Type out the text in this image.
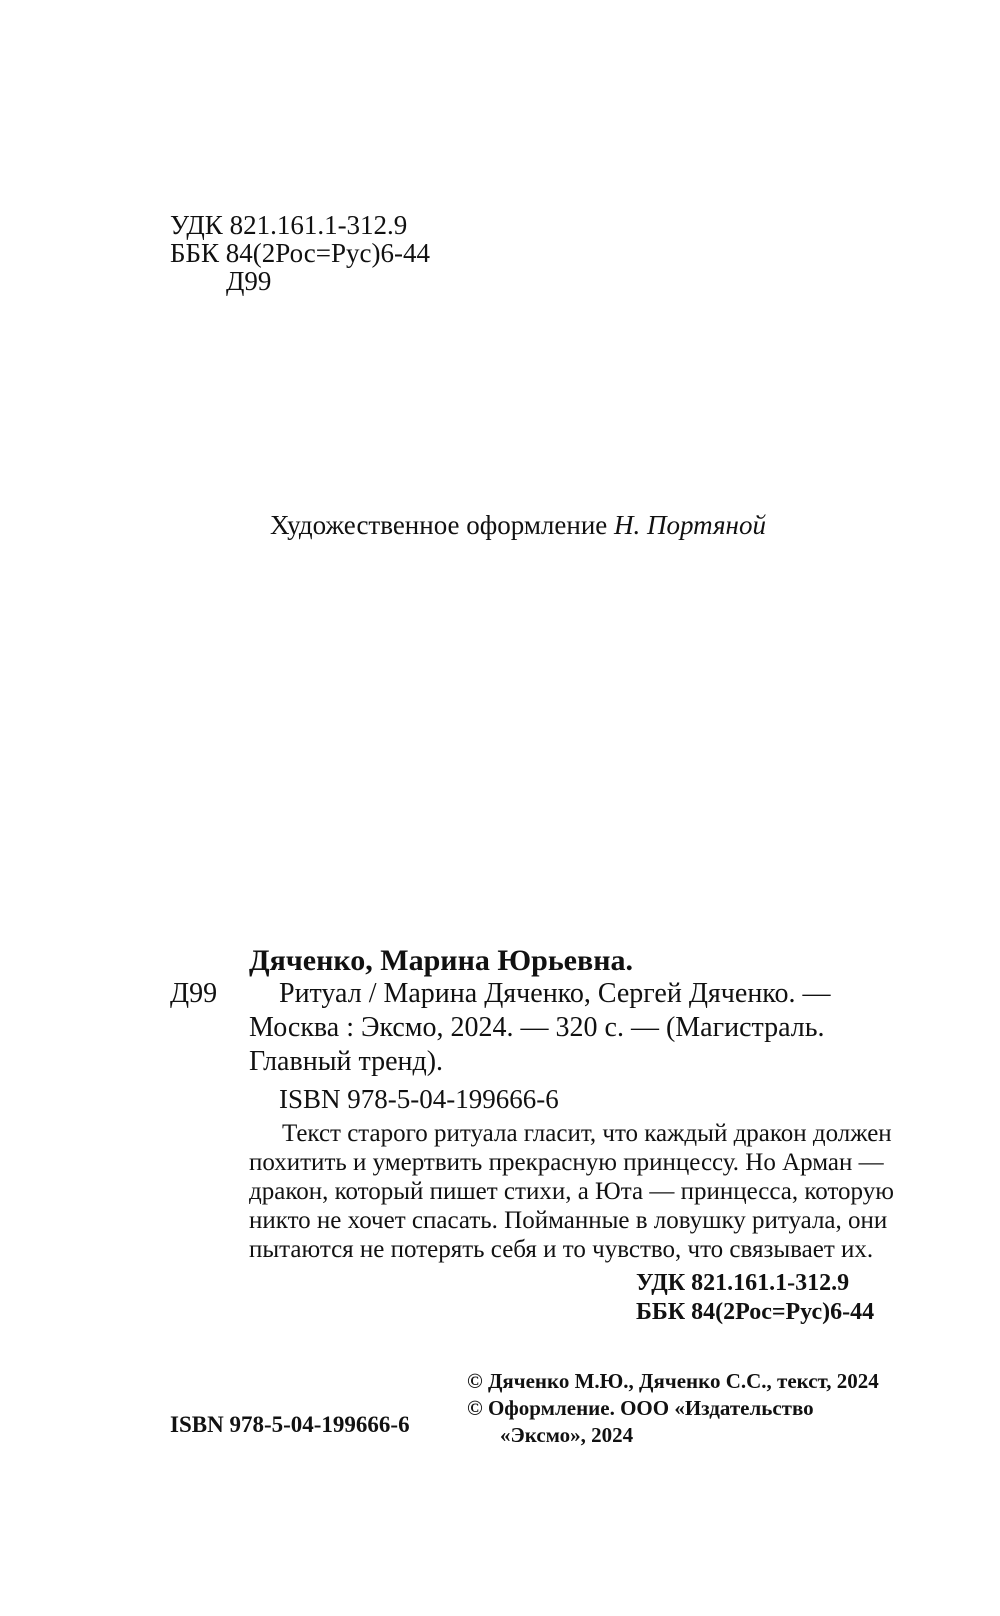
УДК 821.161.1-312.9
ББК 84(2Рос=Рус)6-44
Д99
Художественное оформление Н. Портяной
Дяченко, Марина Юрьевна.
Д99 Ритуал / Марина Дяченко, Сергей Дяченко. —
Москва : Эксмо, 2024. — 320 с. — (Магистраль.
Главный тренд).
ISBN 978-5-04-199666-6
Текст старого ритуала гласит, что каждый дракон должен
похитить и умертвить прекрасную принцессу. Но Арман —
дракон, который пишет стихи, а Юта — принцесса, которую
никто не хочет спасать. Пойманные в ловушку ритуала, они
пытаются не потерять себя и то чувство, что связывает их.
УДК 821.161.1-312.9
ББК 84(2Рос=Рус)6-44
© Дяченко М.Ю., Дяченко С.С., текст, 2024
© Оформление. ООО «Издательство
«Эксмо», 2024
ISBN 978-5-04-199666-6
